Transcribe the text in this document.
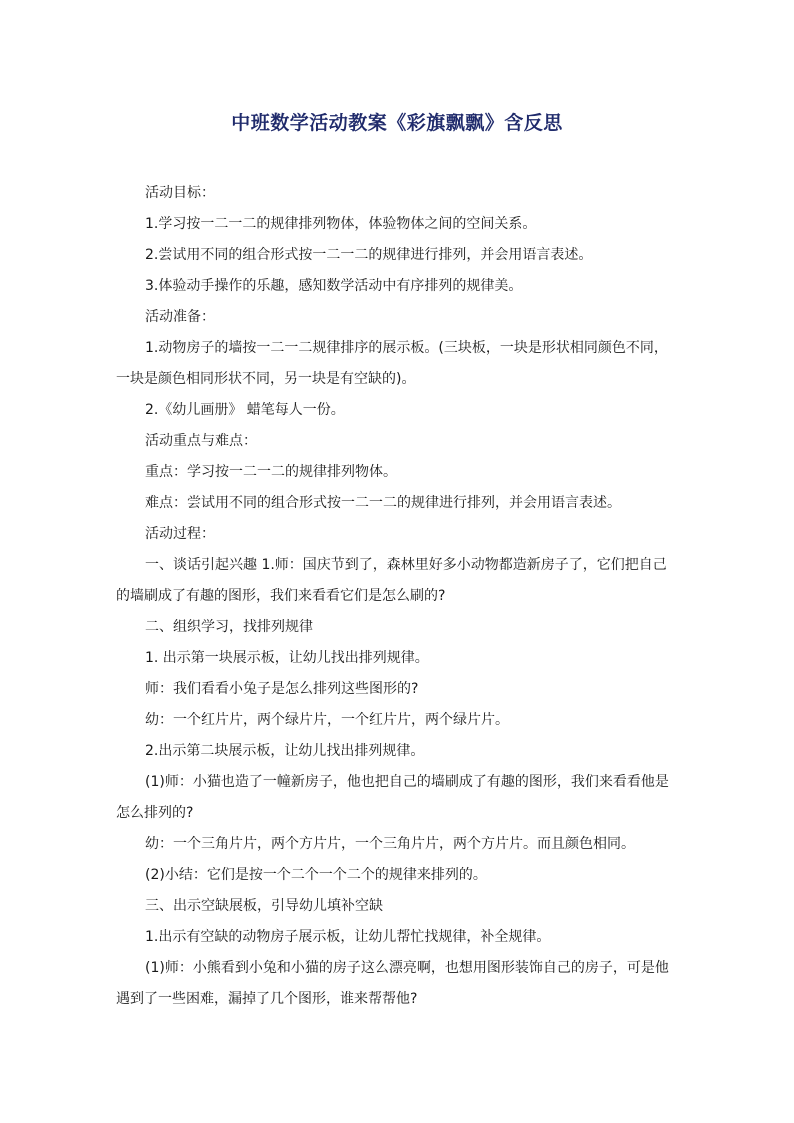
中班数学活动教案《彩旗飘飘》含反思

活动目标：

1.学习按一二一二的规律排列物体，体验物体之间的空间关系。

2.尝试用不同的组合形式按一二一二的规律进行排列，并会用语言表述。

3.体验动手操作的乐趣，感知数学活动中有序排列的规律美。

活动准备：

1.动物房子的墙按一二一二规律排序的展示板。(三块板，一块是形状相同颜色不同，一块是颜色相同形状不同，另一块是有空缺的)。

2.《幼儿画册》 蜡笔每人一份。

活动重点与难点：

重点：学习按一二一二的规律排列物体。

难点：尝试用不同的组合形式按一二一二的规律进行排列，并会用语言表述。

活动过程：

一、谈话引起兴趣 1.师：国庆节到了，森林里好多小动物都造新房子了，它们把自己的墙刷成了有趣的图形，我们来看看它们是怎么刷的?

二、组织学习，找排列规律

1. 出示第一块展示板，让幼儿找出排列规律。

师：我们看看小兔子是怎么排列这些图形的?

幼：一个红片片，两个绿片片，一个红片片，两个绿片片。

2.出示第二块展示板，让幼儿找出排列规律。

(1)师：小猫也造了一幢新房子，他也把自己的墙刷成了有趣的图形，我们来看看他是怎么排列的?

幼：一个三角片片，两个方片片，一个三角片片，两个方片片。而且颜色相同。

(2)小结：它们是按一个二个一个二个的规律来排列的。

三、出示空缺展板，引导幼儿填补空缺

1.出示有空缺的动物房子展示板，让幼儿帮忙找规律，补全规律。

(1)师：小熊看到小兔和小猫的房子这么漂亮啊，也想用图形装饰自己的房子，可是他遇到了一些困难，漏掉了几个图形，谁来帮帮他?
